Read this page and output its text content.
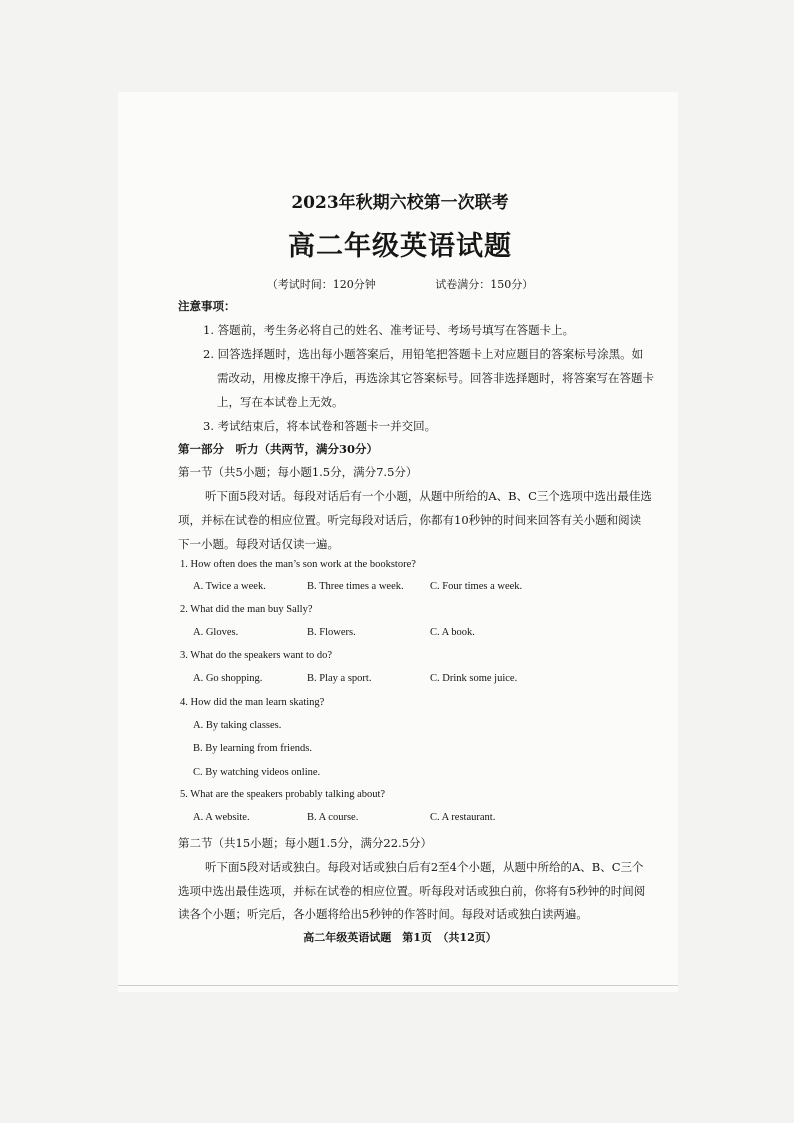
2023年秋期六校第一次联考
高二年级英语试题
（考试时间：120分钟	试卷满分：150分）
注意事项：
1. 答题前，考生务必将自己的姓名、准考证号、考场号填写在答题卡上。
2. 回答选择题时，选出每小题答案后，用铅笔把答题卡上对应题目的答案标号涂黑。如
需改动，用橡皮擦干净后，再选涂其它答案标号。回答非选择题时，将答案写在答题卡
上，写在本试卷上无效。
3. 考试结束后，将本试卷和答题卡一并交回。
第一部分　听力（共两节，满分30分）
第一节（共5小题；每小题1.5分，满分7.5分）
听下面5段对话。每段对话后有一个小题，从题中所给的A、B、C三个选项中选出最佳选
项，并标在试卷的相应位置。听完每段对话后，你都有10秒钟的时间来回答有关小题和阅读
下一小题。每段对话仅读一遍。
1. How often does the man’s son work at the bookstore?
A. Twice a week.	B. Three times a week.	C. Four times a week.
2. What did the man buy Sally?
A. Gloves.	B. Flowers.	C. A book.
3. What do the speakers want to do?
A. Go shopping.	B. Play a sport.	C. Drink some juice.
4. How did the man learn skating?
A. By taking classes.
B. By learning from friends.
C. By watching videos online.
5. What are the speakers probably talking about?
A. A website.	B. A course.	C. A restaurant.
第二节（共15小题；每小题1.5分，满分22.5分）
听下面5段对话或独白。每段对话或独白后有2至4个小题，从题中所给的A、B、C三个
选项中选出最佳选项，并标在试卷的相应位置。听每段对话或独白前，你将有5秒钟的时间阅
读各个小题；听完后，各小题将给出5秒钟的作答时间。每段对话或独白读两遍。
高二年级英语试题　第1页　（共12页）
